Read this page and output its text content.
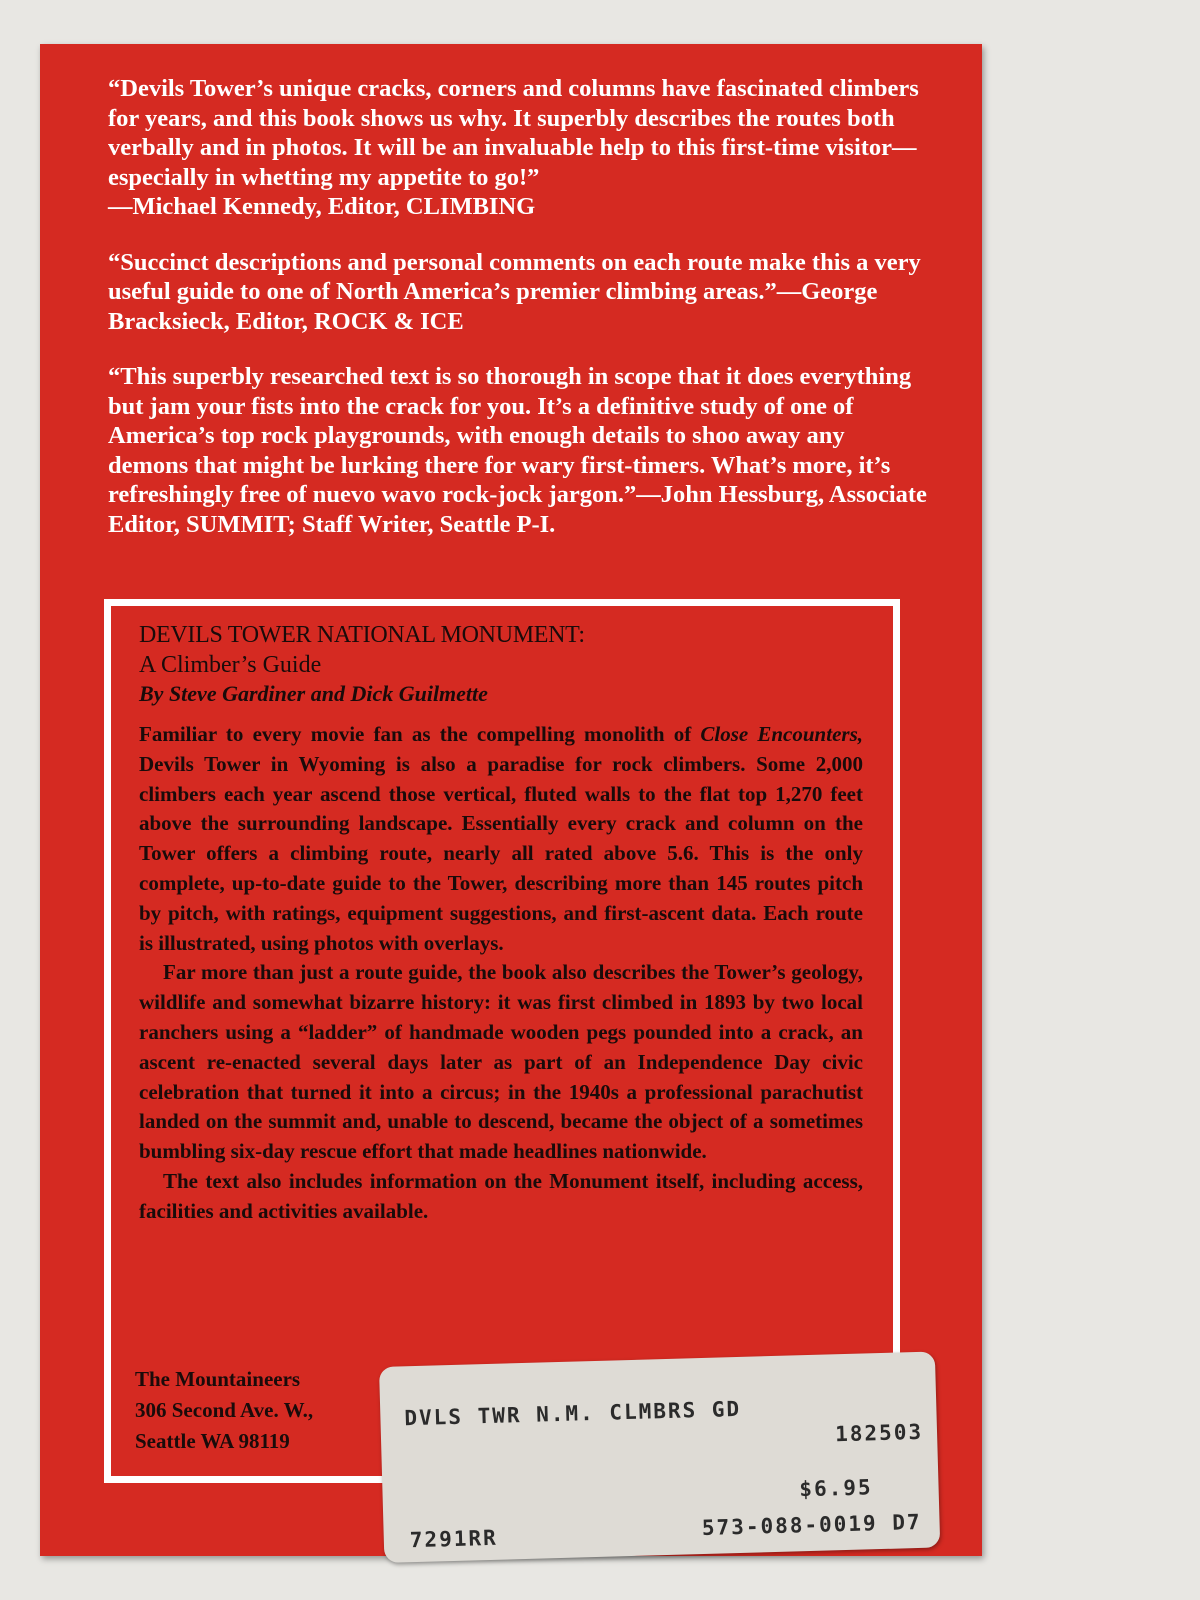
“Devils Tower’s unique cracks, corners and columns have fascinated climbers for years, and this book shows us why. It superbly describes the routes both verbally and in photos. It will be an invaluable help to this first-time visitor—especially in whetting my appetite to go!”
—Michael Kennedy, Editor, CLIMBING

“Succinct descriptions and personal comments on each route make this a very useful guide to one of North America’s premier climbing areas.”—George Bracksieck, Editor, ROCK & ICE

“This superbly researched text is so thorough in scope that it does everything but jam your fists into the crack for you. It’s a definitive study of one of America’s top rock playgrounds, with enough details to shoo away any demons that might be lurking there for wary first-timers. What’s more, it’s refreshingly free of nuevo wavo rock-jock jargon.”—John Hessburg, Associate Editor, SUMMIT; Staff Writer, Seattle P-I.

DEVILS TOWER NATIONAL MONUMENT:
A Climber’s Guide
By Steve Gardiner and Dick Guilmette

Familiar to every movie fan as the compelling monolith of Close Encounters, Devils Tower in Wyoming is also a paradise for rock climbers. Some 2,000 climbers each year ascend those vertical, fluted walls to the flat top 1,270 feet above the surrounding landscape. Essentially every crack and column on the Tower offers a climbing route, nearly all rated above 5.6. This is the only complete, up-to-date guide to the Tower, describing more than 145 routes pitch by pitch, with ratings, equipment suggestions, and first-ascent data. Each route is illustrated, using photos with overlays.

Far more than just a route guide, the book also describes the Tower’s geology, wildlife and somewhat bizarre history: it was first climbed in 1893 by two local ranchers using a “ladder” of handmade wooden pegs pounded into a crack, an ascent re-enacted several days later as part of an Independence Day civic celebration that turned it into a circus; in the 1940s a professional parachutist landed on the summit and, unable to descend, became the object of a sometimes bumbling six-day rescue effort that made headlines nationwide.

The text also includes information on the Monument itself, including access, facilities and activities available.

The Mountaineers
306 Second Ave. W.,
Seattle WA 98119
DVLS TWR N.M. CLMBRS GD
182503
$6.95
7291RR	573-088-0019 D7
